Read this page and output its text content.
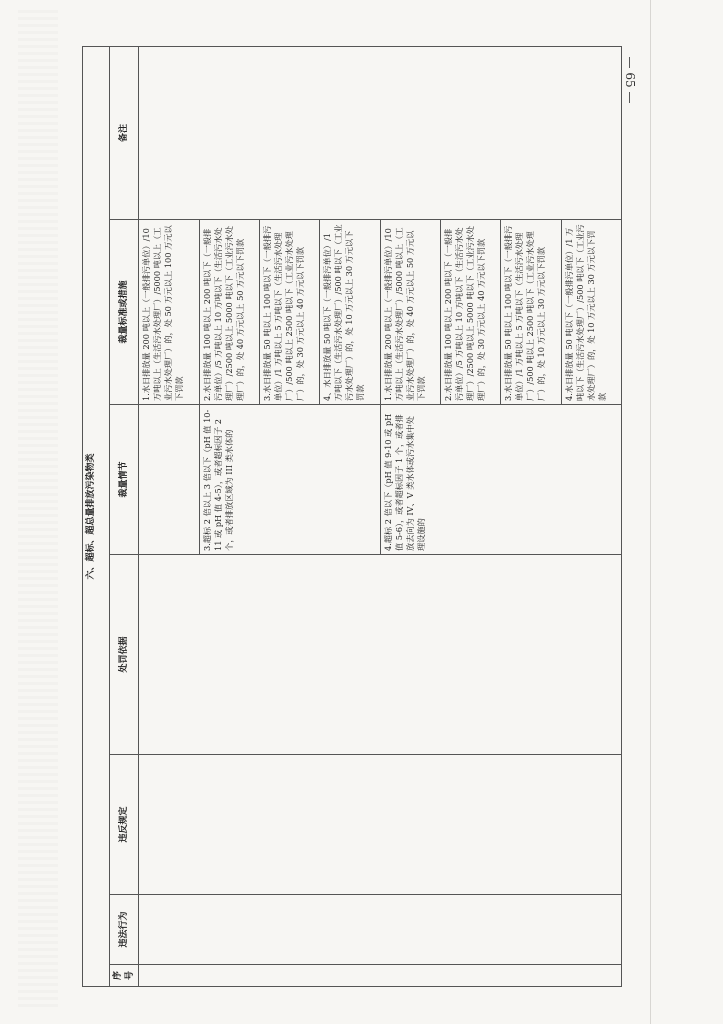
— 65 —
六、超标、超总量排放污染物类						
序号	违法行为	违反规定	处罚依据	裁量情节	裁量标准或措施	备注
					1.水日排放量 200 吨以上（一般排污单位）/10万吨以上（生活污水处理厂）/5000 吨以上（工业污水处理厂）的，处 50 万元以上 100 万元以下罚款	
				3.超标 2 倍以上 3 倍以下（pH 值 10-11 或 pH 值 4-5），或者超标因子 2 个，或者排放区域为 III 类水体的	2.水日排放量 100 吨以上 200 吨以下（一般排污单位）/5 万吨以上 10 万吨以下（生活污水处理厂）/2500 吨以上 5000 吨以下（工业污水处理厂）的，处 40 万元以上 50 万元以下罚款	
					3.水日排放量 50 吨以上 100 吨以下（一般排污单位）/1 万吨以上 5 万吨以下（生活污水处理厂）/500 吨以上 2500 吨以下（工业污水处理厂）的，处 30 万元以上 40 万元以下罚款	
					4、水日排放量 50 吨以下（一般排污单位）/1 万吨以下（生活污水处理厂）/500 吨以下（工业污水处理厂）的，处 10 万元以上 30 万元以下罚款	
				4.超标 2 倍以下（pH 值 9-10 或 pH 值 5-6），或者超标因子 1 个，或者排放去向为 IV、V 类水体或污水集中处理设施的	1.水日排放量 200 吨以上（一般排污单位）/10 万吨以上（生活污水处理厂）/5000 吨以上（工业污水处理厂）的，处 40 万元以上 50 万元以下罚款	
					2.水日排放量 100 吨以上 200 吨以下（一般排污单位）/5 万吨以上 10 万吨以下（生活污水处理厂）/2500 吨以上 5000 吨以下（工业污水处理厂）的，处 30 万元以上 40 万元以下罚款	
					3.水日排放量 50 吨以上 100 吨以下（一般排污单位）/1 万吨以上 5 万吨以下（生活污水处理厂）/500 吨以上 2500 吨以下（工业污水处理厂）的，处 10 万元以上 30 万元以下罚款	
					4.水日排放量 50 吨以下（一般排污单位）/1 万吨以下（生活污水处理厂）/500 吨以下（工业污水处理厂）的，处 10 万元以上 30 万元以下罚款	
